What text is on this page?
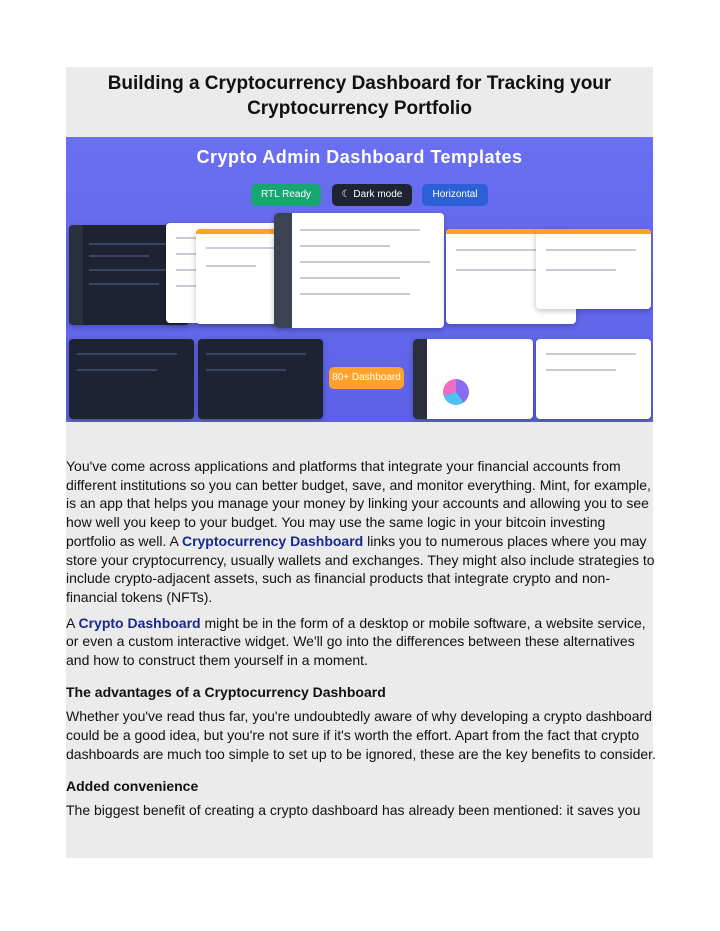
Building a Cryptocurrency Dashboard for Tracking your
Cryptocurrency Portfolio
Crypto Admin Dashboard Templates
RTL Ready	☾ Dark mode	Horizontal
80+ Dashboard

You've come across applications and platforms that integrate your financial accounts from different institutions so you can better budget, save, and monitor everything. Mint, for example, is an app that helps you manage your money by linking your accounts and allowing you to see how well you keep to your budget. You may use the same logic in your bitcoin investing portfolio as well. A Cryptocurrency Dashboard links you to numerous places where you may store your cryptocurrency, usually wallets and exchanges. They might also include strategies to include crypto-adjacent assets, such as financial products that integrate crypto and non-financial tokens (NFTs).

A Crypto Dashboard might be in the form of a desktop or mobile software, a website service, or even a custom interactive widget. We'll go into the differences between these alternatives and how to construct them yourself in a moment.

The advantages of a Cryptocurrency Dashboard

Whether you've read thus far, you're undoubtedly aware of why developing a crypto dashboard could be a good idea, but you're not sure if it's worth the effort. Apart from the fact that crypto dashboards are much too simple to set up to be ignored, these are the key benefits to consider.

Added convenience

The biggest benefit of creating a crypto dashboard has already been mentioned: it saves you
